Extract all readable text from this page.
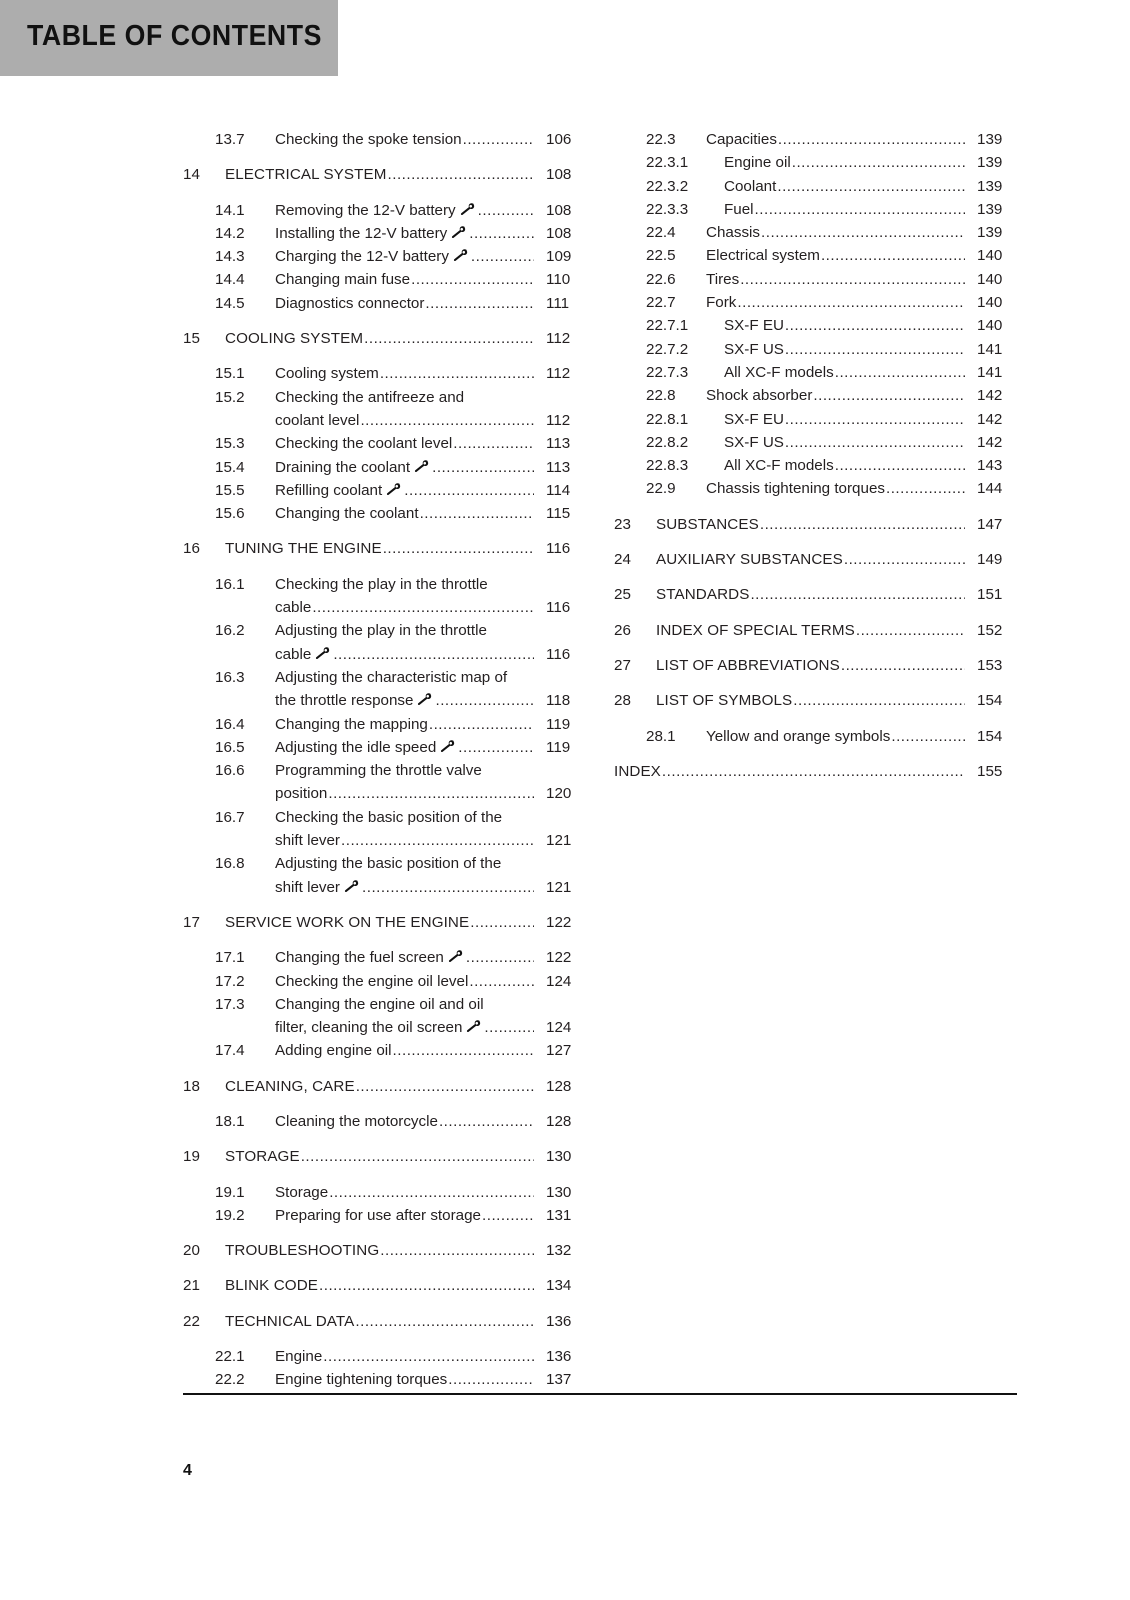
TABLE OF CONTENTS
13.7	Checking the spoke tension .....	106
14	ELECTRICAL SYSTEM .....	108
14.1	Removing the 12-V battery .....	108
14.2	Installing the 12-V battery .....	108
14.3	Charging the 12-V battery .....	109
14.4	Changing main fuse .....	110
14.5	Diagnostics connector .....	111
15	COOLING SYSTEM .....	112
15.1	Cooling system .....	112
15.2	Checking the antifreeze and
coolant level .....	112
15.3	Checking the coolant level .....	113
15.4	Draining the coolant .....	113
15.5	Refilling coolant .....	114
15.6	Changing the coolant .....	115
16	TUNING THE ENGINE .....	116
16.1	Checking the play in the throttle
cable .....	116
16.2	Adjusting the play in the throttle
cable .....	116
16.3	Adjusting the characteristic map of
the throttle response .....	118
16.4	Changing the mapping .....	119
16.5	Adjusting the idle speed .....	119
16.6	Programming the throttle valve
position .....	120
16.7	Checking the basic position of the
shift lever .....	121
16.8	Adjusting the basic position of the
shift lever .....	121
17	SERVICE WORK ON THE ENGINE .....	122
17.1	Changing the fuel screen .....	122
17.2	Checking the engine oil level .....	124
17.3	Changing the engine oil and oil
filter, cleaning the oil screen .....	124
17.4	Adding engine oil .....	127
18	CLEANING, CARE .....	128
18.1	Cleaning the motorcycle .....	128
19	STORAGE .....	130
19.1	Storage .....	130
19.2	Preparing for use after storage .....	131
20	TROUBLESHOOTING .....	132
21	BLINK CODE .....	134
22	TECHNICAL DATA .....	136
22.1	Engine .....	136
22.2	Engine tightening torques .....	137
22.3	Capacities .....	139
22.3.1	Engine oil .....	139
22.3.2	Coolant .....	139
22.3.3	Fuel .....	139
22.4	Chassis .....	139
22.5	Electrical system .....	140
22.6	Tires .....	140
22.7	Fork .....	140
22.7.1	SX-F EU .....	140
22.7.2	SX-F US .....	141
22.7.3	All XC-F models .....	141
22.8	Shock absorber .....	142
22.8.1	SX-F EU .....	142
22.8.2	SX-F US .....	142
22.8.3	All XC-F models .....	143
22.9	Chassis tightening torques .....	144
23	SUBSTANCES .....	147
24	AUXILIARY SUBSTANCES .....	149
25	STANDARDS .....	151
26	INDEX OF SPECIAL TERMS .....	152
27	LIST OF ABBREVIATIONS .....	153
28	LIST OF SYMBOLS .....	154
28.1	Yellow and orange symbols .....	154
INDEX .....	155
4
